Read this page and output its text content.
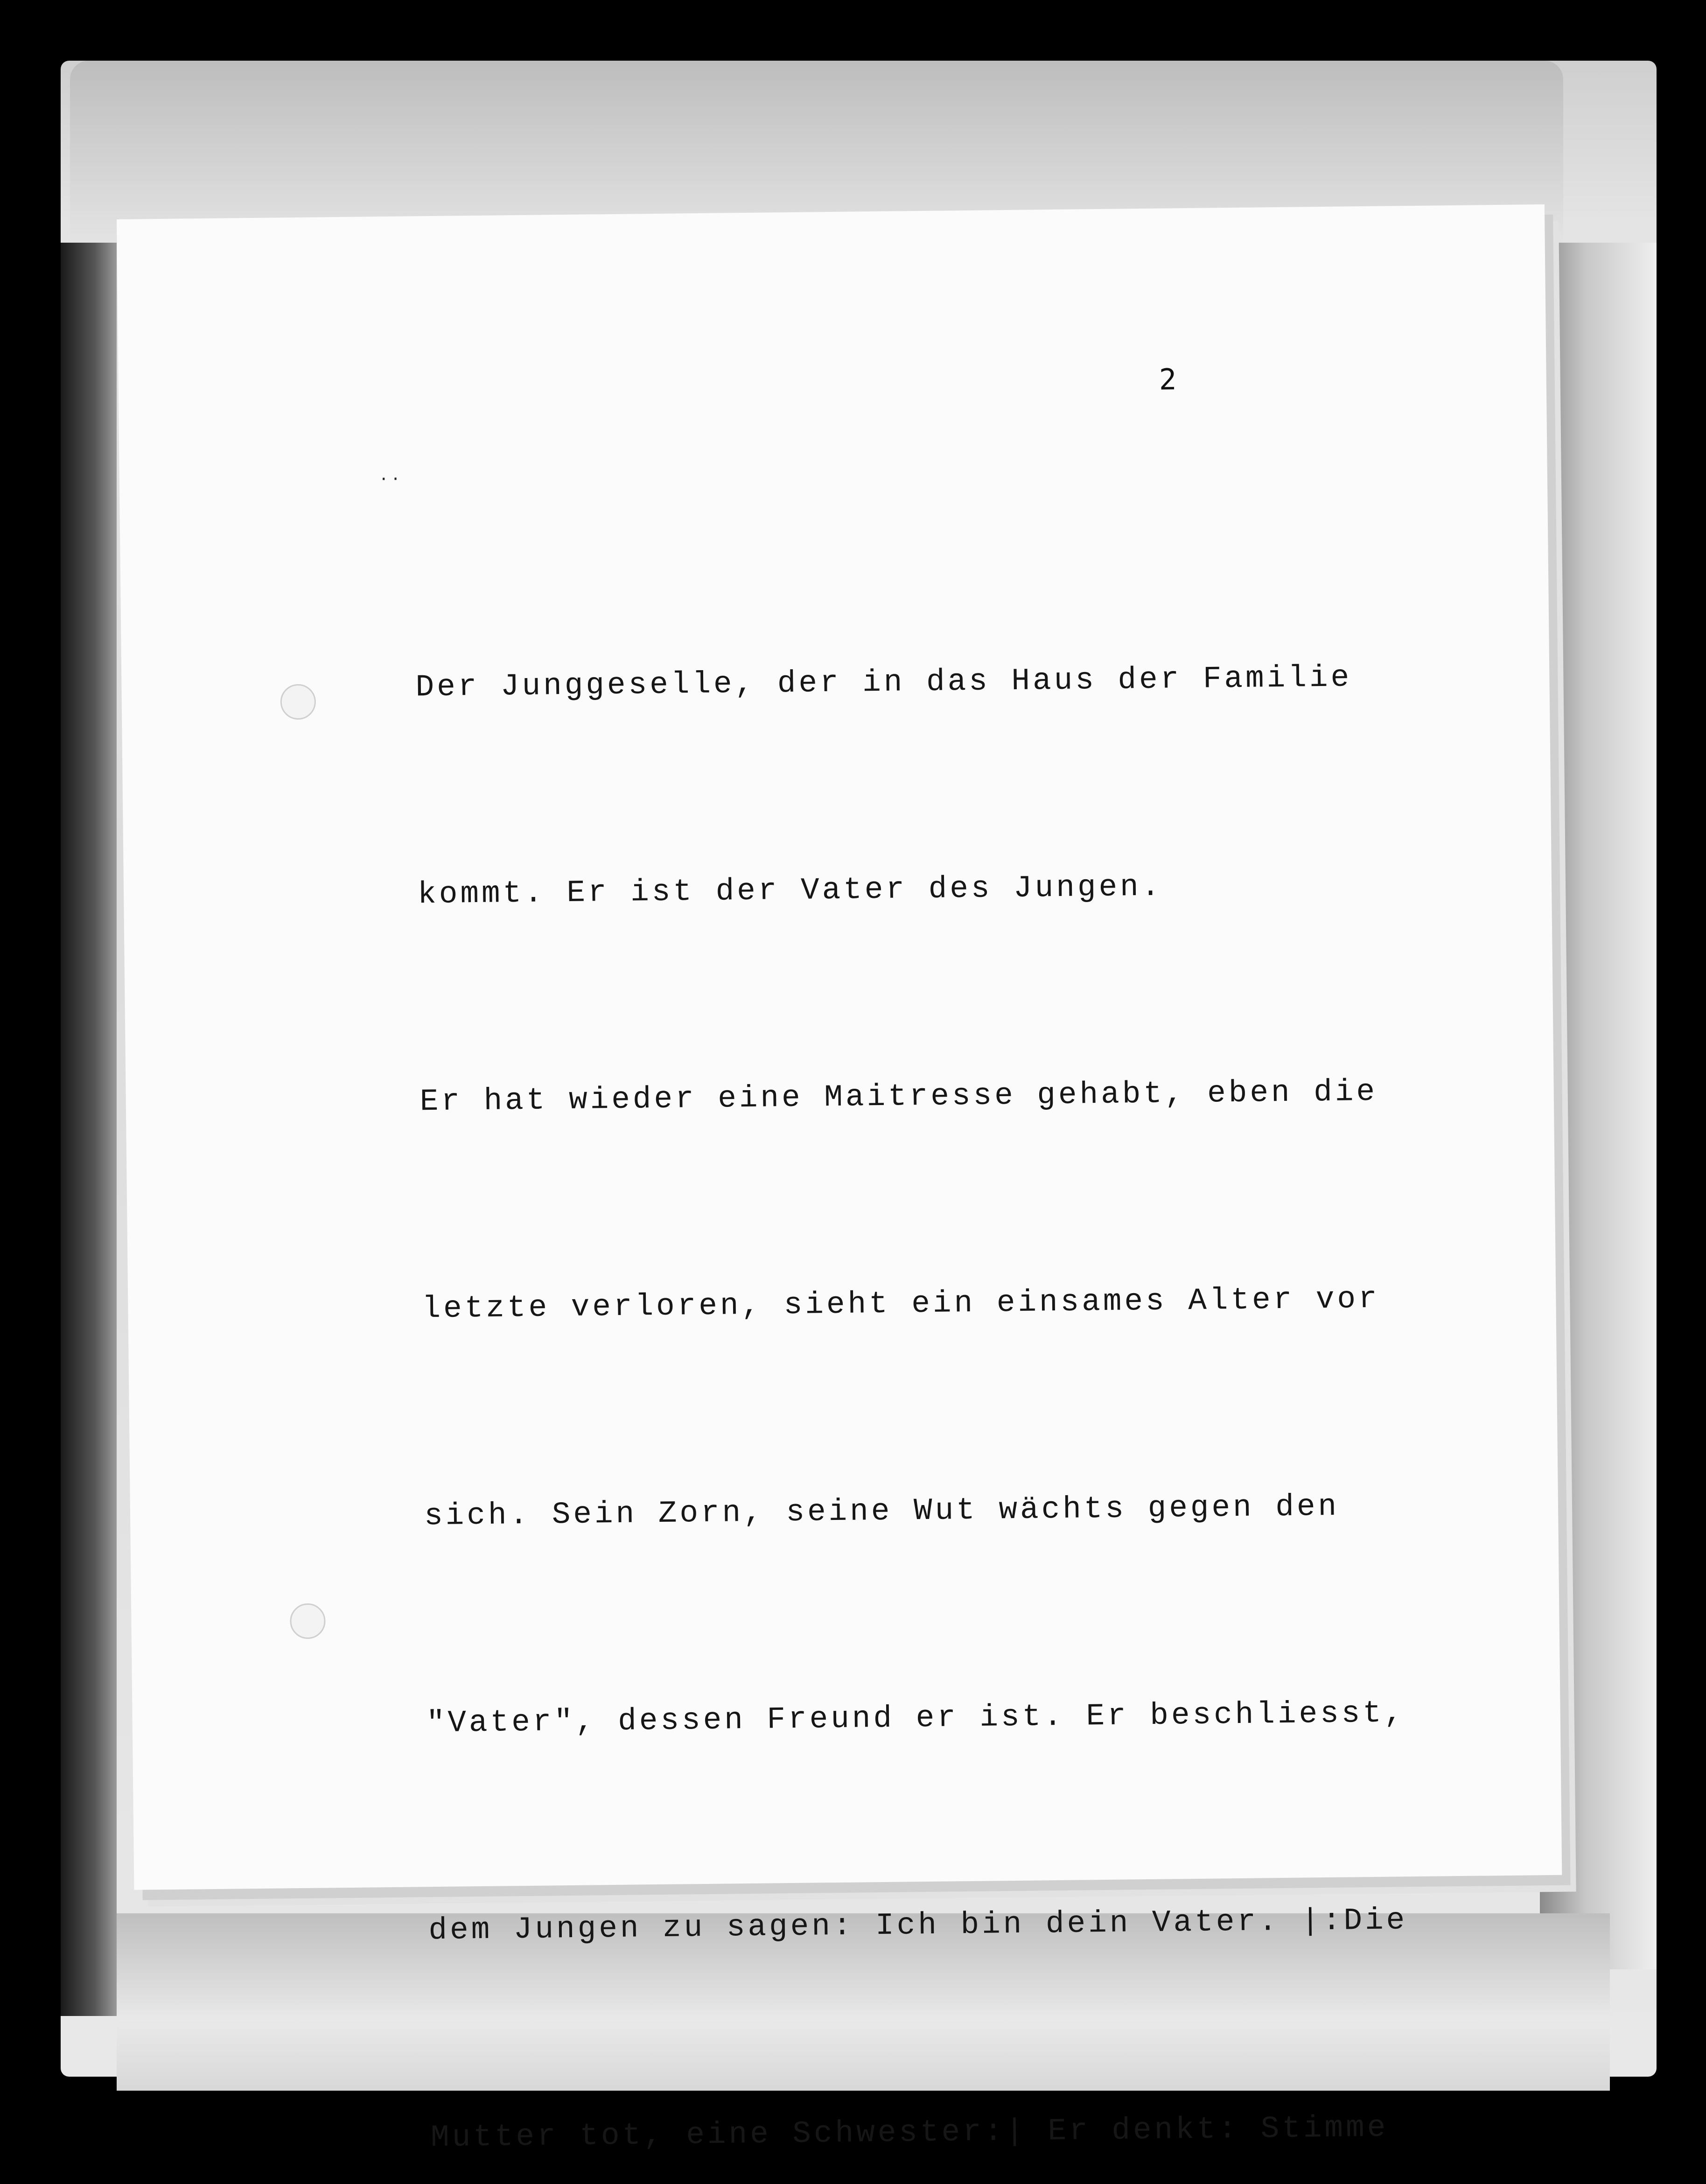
· ·
2

Der Junggeselle, der in das Haus der Familie

kommt. Er ist der Vater des Jungen.

Er hat wieder eine Maitresse gehabt, eben die

letzte verloren, sieht ein einsames Alter vor

sich. Sein Zorn, seine Wut wächts gegen den

"Vater", dessen Freund er ist. Er beschliesst,

dem Jungen zu sagen: Ich bin dein Vater. |:Die

Mutter tot, eine Schwester:| Er denkt: Stimme
